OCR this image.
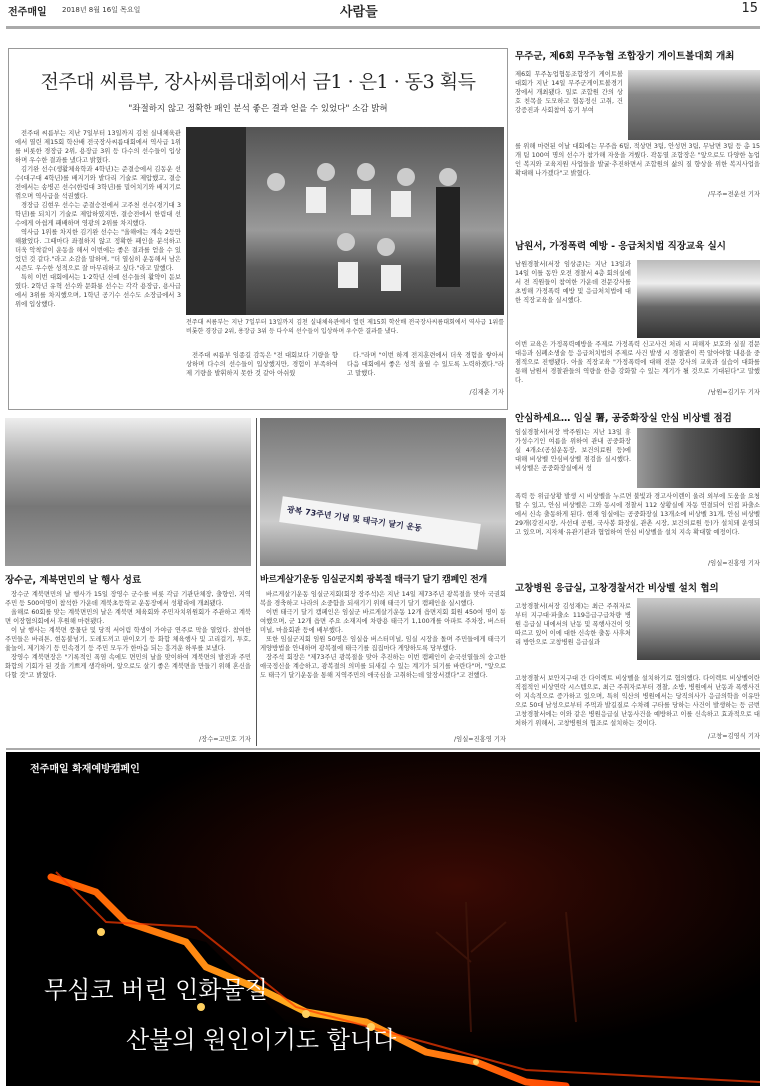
전주매일 2018년 8월 16일 목요일	사람들	15
전주대 씨름부, 장사씨름대회에서 금1 · 은1 · 동3 획득
"좌절하지 않고 정확한 패인 분석 좋은 결과 얻을 수 있었다" 소감 밝혀

전주대 씨름부는 지난 7일부터 13일까지 김천 실내체육관에서 열린 제15회 학산배 전국장사씨름대회에서 역사급 1위를 비롯한 경장급 2위, 용장급 3위 등 다수의 선수들이 입상하며 우수한 결과를 냈다고 밝혔다.

김기완 선수(생활체육학과 4학년)는 준결승에서 김동운 선수(대구대 4학년)를 배지기와 밭다리 기술로 제압했고, 결승전에서는 송병곤 선수(한림대 3학년)를 밀어치기와 배지기로 꺾으며 역사급을 석권했다.

경장급 김현우 선수는 준결승전에서 고주천 선수(경기대 3학년)를 되치기 기술로 제압하였지만, 결승전에서 한림대 선수에게 아쉽게 패배하며 영광의 2위를 차지했다.

역사급 1위를 차지한 김기완 선수는 "올해에는 계속 2등만 해왔었다. 그때마다 좌절하지 않고 정확한 패인을 분석하고 더욱 악착같이 운동을 해서 이번에는 좋은 결과를 얻을 수 있었던 것 같다."라고 소감을 말하며, "더 열심히 운동해서 남은 시즌도 우수한 성적으로 잘 마무리하고 싶다."라고 말했다.

특히 이번 대회에서는 1·2학년 신예 선수들의 활약이 돋보였다. 2학년 유혁 선수와 문화룡 선수는 각각 용장급, 용사급에서 3위를 차지했으며, 1학년 공기수 선수도 소장급에서 3위에 입상했다.

전주대 씨름부는 지난 7일부터 13일까지 김천 실내체육관에서 열린 제15회 학산배 전국장사씨름대회에서 역사급 1위를 비롯한 경장급 2위, 용장급 3위 등 다수의 선수들이 입상하며 우수한 결과를 냈다.

전주대 씨름부 임종길 감독은 "전 대회보다 기량을 향상하며 다수의 선수들이 입상했지만, 경험이 부족하여 제 기량을 발휘하지 못한 것 같아 아쉬웠

다."라며 "이번 하계 전지훈련에서 더욱 경험을 쌓아서 다음 대회에서 좋은 성적 올릴 수 있도록 노력하겠다."라고 말했다.

/김재춘 기자
무주군, 제6회 무주농협 조합장기 게이트볼대회 개최
제6회 무주농업협동조합장기 게이트볼 대회가 지난 14일 무주군게이트볼경기장에서 개최됐다. 일로 조합원 간의 상호 친목을 도모하고 협동정신 고취, 건강증진과 사회참여 동기 부여
를 위해 마련된 이날 대회에는 무주읍 6팀, 적상면 3팀, 안성면 3팀, 무남면 3팀 등 총 15개 팀 100여 명의 선수가 참가해 자웅을 겨뤘다. 곽동열 조합장은 "앞으로도 다양한 농업인 복지와 교육지원 사업들을 발굴·추진하면서 조합원의 삶의 질 향상을 위한 복지사업을 확대해 나가겠다"고 밝혔다.
/무주=전운선 기자
남원서, 가정폭력 예방 - 응급처치법 직장교육 실시
남원경찰서(서장 임상준)는 지난 13일과 14일 이틀 동안 오전 경찰서 4층 회의실에서 전 직원들이 참여한 가운데 전문강사를 초빙해 가정폭력 예방 및 응급처치법에 대한 직장교육을 실시했다.
이번 교육은 가정폭력예방을 주제로 가정폭력 신고사건 처리 시 피해자 보호와 실질 검문 대응과 심폐소생술 등 응급처치법의 주제로 사건 발생 시 경찰관이 꼭 알아야할 내용을 중점적으로 진행됐다. 아울 직장교육 "가정폭력에 대해 전문 강사의 교육과 실습이 대화를 통해 남원서 경찰관들의 역량을 한층 강화할 수 있는 계기가 될 것으로 기대된다"고 말했다.
/남원=김기두 기자
안심하세요… 임실 署, 공중화장실 안심 비상벨 점검
임실경찰서(서장 박주원)는 지난 13일 휴가성수기인 여름을 위하여 관내 공중화장실 4개소(공설운동장, 보건의료원 등)에 대해 비상벨 안심비상벨 점검을 실시했다. 비상벨은 공중화장실에서 성
폭력 등 위급상황 발생 시 비상벨을 누르면 불빛과 경고사이렌이 울려 외부에 도움을 요청할 수 있고, 안심 비상벨은 그와 동시에 경찰서 112 상황실에 자동 연결되어 인접 파출소에서 신속 출동하게 된다. 현재 임실에는 공중화장실 13개소에 비상벨 31개, 안심 비상벨 29개(강진시장, 사선대 공원, 국사봉 화장실, 관촌 시장, 보건의료원 등)가 설치돼 운영되고 있으며, 지자체·유관기관과 협업하여 안심 비상벨을 설치 지속 확대할 예정이다.
/임실=진홍영 기자
고창병원 응급실, 고창경찰서간 비상벨 설치 협의
고창경찰서(서장 김성재)는 최근 주취자로부터 지구대·파출소 119응급구급차량 병원 응급실 내에서의 난동 및 폭행사건이 잇따르고 있어 이에 대한 신속한 출동 사후처리 방안으로 고창병원 응급실과
고창경찰서 보안지구대 간 다이렉트 비상벨을 설치하기로 협의했다. 다이렉트 비상벨이란 직접적인 비상연락 시스템으로, 최근 주취자로부터 경찰, 소방, 병원에서 난동과 폭행사건이 지속적으로 증가하고 있으며, 특히 익산의 병원에서는 당직의사가 응급의학을 이유만으로 50대 남성으로부터 주먹과 발길질로 수차례 구타를 당하는 사건이 발생하는 등 금번 고창경찰서에는 이와 같은 병원응급실 난동사건을 예방하고 이를 신속하고 효과적으로 대처하기 위해서, 고창병원의 협조로 설치하는 것이다.
/고창=김영식 기자
장수군, 계북면민의 날 행사 성료

장수군 계북면민의 날 행사가 15일 장영수 군수를 비롯 각급 기관단체장, 출향인, 지역주민 등 500여명이 참석한 가운데 계북초등학교 운동장에서 성황리에 개최됐다.

올해로 60회를 맞는 계북면민의 날은 계북면 체육회와 주민자치위원회가 주관하고 계북면 이장협의회에서 후원해 마련됐다.

이 날 행사는 계북면 풍물단 및 당적 서어림 학생이 가야금 연주로 막을 열었다. 참여한 주민들은 바리톤, 현동불넘기, 도레도끼고 판이오기 등 화합 체육행사 및 고리걸기, 투호, 윷놀이, 제기차기 등 민속경기 등 주민 모두가 한마음 되는 흥겨운 하루를 보냈다.

장영수 계북면장은 "기록적인 폭염 속에도 면민의 날을 맞이하여 계북면의 발전과 주민화합의 기회가 된 것을 기쁘게 생각하며, 앞으로도 살기 좋은 계북면을 만들기 위해 혼신을 다할 것"고 밝혔다.

/장수=고민호 기자
광복 73주년 기념 및 태극기 달기 운동
바르게살기운동 임실군지회 광복절 태극기 달기 캠페인 전개

바르게살기운동 임실군지회(회장 장주석)은 지난 14일 제73주년 광복절을 맞아 국권회복을 경축하고 나라의 소중함을 되새기기 위해 태극기 달기 캠페인을 실시했다.

이번 태극기 달기 캠페인은 임실군 바르게살기운동 12개 읍면지회 회원 450여 명이 동여했으며, 군 12개 읍면 주요 소재지에 차량용 태극기 1,100개를 아파트 주차장, 버스터미널, 마을회관 등에 배부했다.

또한 임실군지회 임원 50명은 임실읍 버스터미널, 임실 시장을 돌며 주민들에게 태극기 게양방법을 안내하며 광복절에 태극기를 집집마다 게양하도록 당부했다.

장주석 회장은 "제73주년 광복절을 맞아 추진하는 이번 캠페인이 순국선열들의 숭고한 애국정신을 계승하고, 광복절의 의미를 되새길 수 있는 계기가 되기를 바란다"며, "앞으로도 태극기 달기운동을 통해 지역주민의 애국심을 고취하는데 앞장서겠다"고 전했다.

/임실=진홍영 기자
전주매일 화재예방캠페인
무심코 버린 인화물질
산불의 원인이기도 합니다
